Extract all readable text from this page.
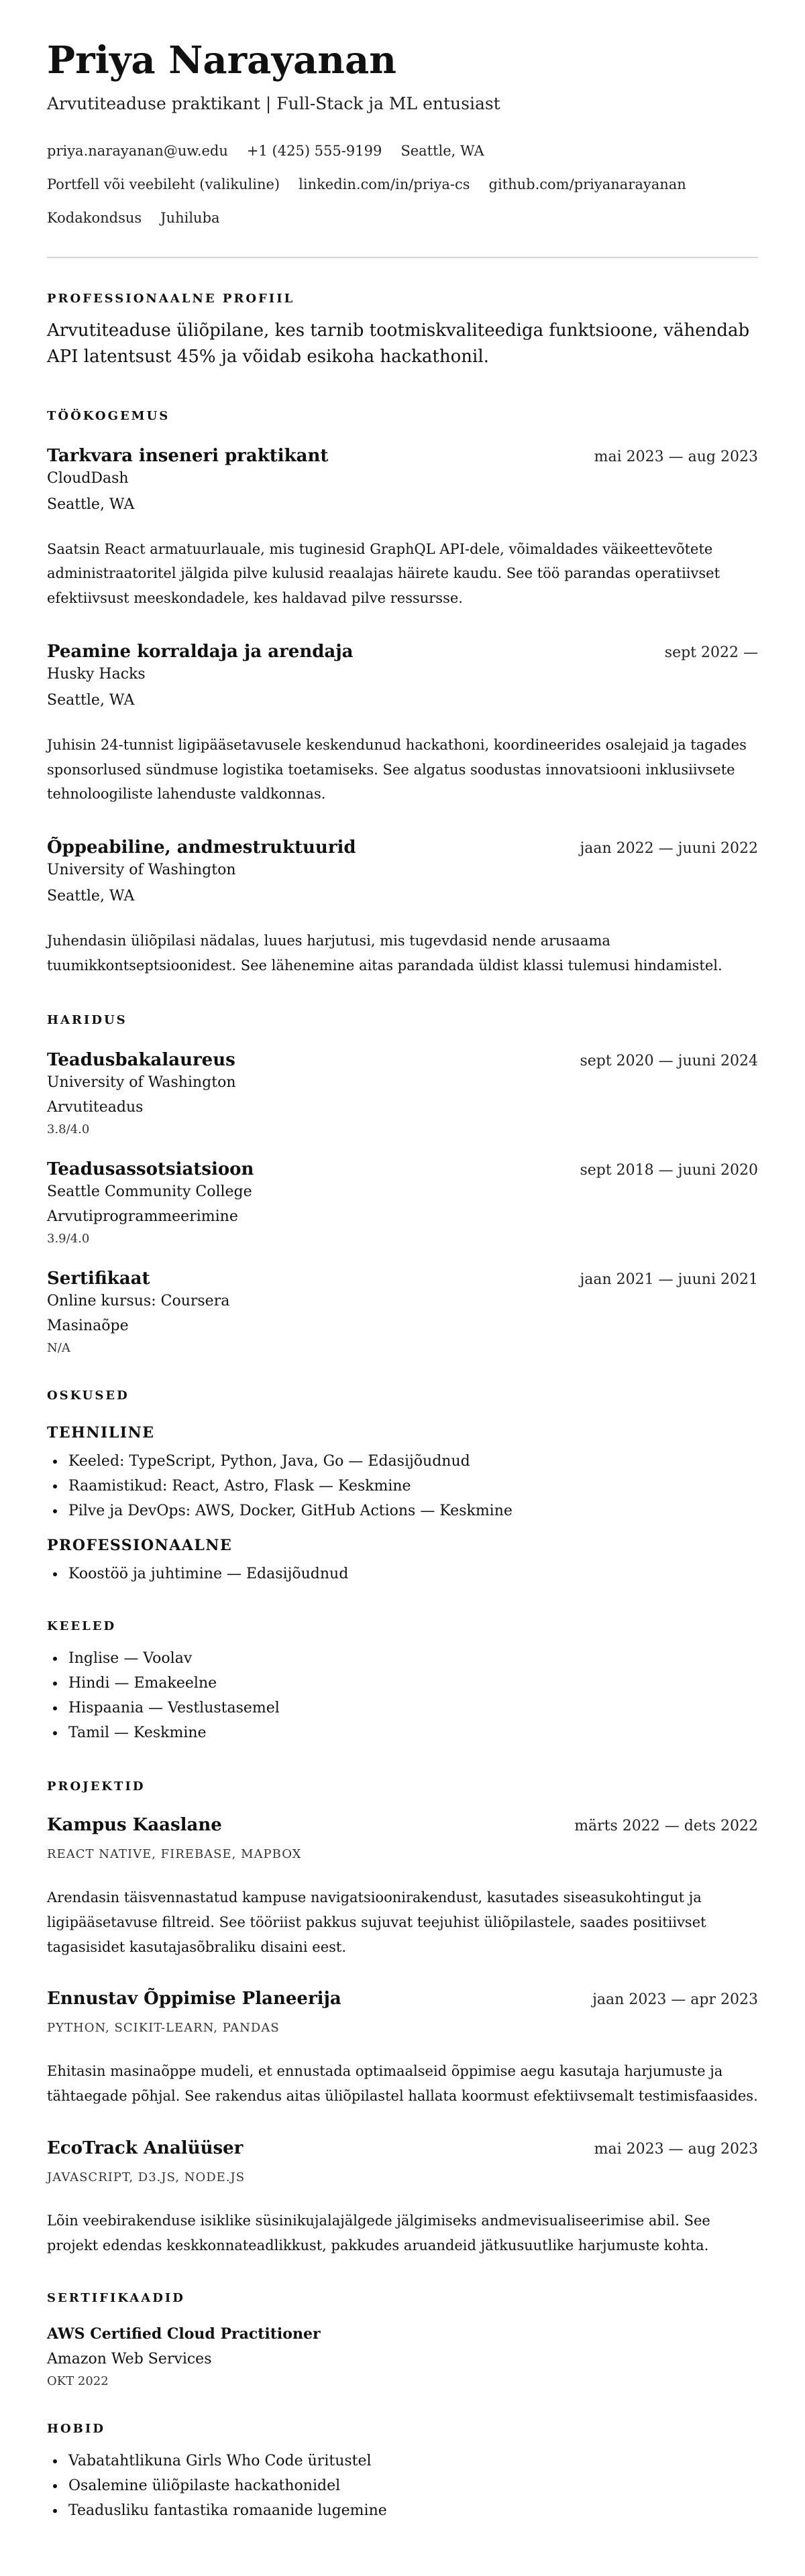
Priya Narayanan
Arvutiteaduse praktikant | Full-Stack ja ML entusiast
priya.narayanan@uw.edu +1 (425) 555-9199 Seattle, WA
Portfell või veebileht (valikuline) linkedin.com/in/priya-cs github.com/priyanarayanan
Kodakondsus Juhiluba
PROFESSIONAALNE PROFIIL
Arvutiteaduse üliõpilane, kes tarnib tootmiskvaliteediga funktsioone, vähendab API latentsust 45% ja võidab esikoha hackathonil.
TÖÖKOGEMUS
Tarkvara inseneri praktikant	mai 2023 — aug 2023
CloudDash
Seattle, WA
Saatsin React armatuurlauale, mis tuginesid GraphQL API-dele, võimaldades väikeettevõtete administraatoritel jälgida pilve kulusid reaalajas häirete kaudu. See töö parandas operatiivset efektiivsust meeskondadele, kes haldavad pilve ressursse.
Peamine korraldaja ja arendaja	sept 2022 —
Husky Hacks
Seattle, WA
Juhisin 24-tunnist ligipääsetavusele keskendunud hackathoni, koordineerides osalejaid ja tagades sponsorlused sündmuse logistika toetamiseks. See algatus soodustas innovatsiooni inklusiivsete tehnoloogiliste lahenduste valdkonnas.
Õppeabiline, andmestruktuurid	jaan 2022 — juuni 2022
University of Washington
Seattle, WA
Juhendasin üliõpilasi nädalas, luues harjutusi, mis tugevdasid nende arusaama tuumikkontseptsioonidest. See lähenemine aitas parandada üldist klassi tulemusi hindamistel.
HARIDUS
Teadusbakalaureus	sept 2020 — juuni 2024
University of Washington
Arvutiteadus
3.8/4.0
Teadusassotsiatsioon	sept 2018 — juuni 2020
Seattle Community College
Arvutiprogrammeerimine
3.9/4.0
Sertifikaat	jaan 2021 — juuni 2021
Online kursus: Coursera
Masinaõpe
N/A
OSKUSED
TEHNILINE
• Keeled: TypeScript, Python, Java, Go — Edasijõudnud
• Raamistikud: React, Astro, Flask — Keskmine
• Pilve ja DevOps: AWS, Docker, GitHub Actions — Keskmine
PROFESSIONAALNE
• Koostöö ja juhtimine — Edasijõudnud
KEELED
• Inglise — Voolav
• Hindi — Emakeelne
• Hispaania — Vestlustasemel
• Tamil — Keskmine
PROJEKTID
Kampus Kaaslane	märts 2022 — dets 2022
REACT NATIVE, FIREBASE, MAPBOX
Arendasin täisvennastatud kampuse navigatsioonirakendust, kasutades siseasukohtingut ja ligipääsetavuse filtreid. See tööriist pakkus sujuvat teejuhist üliõpilastele, saades positiivset tagasisidet kasutajasõbraliku disaini eest.
Ennustav Õppimise Planeerija	jaan 2023 — apr 2023
PYTHON, SCIKIT-LEARN, PANDAS
Ehitasin masinaõppe mudeli, et ennustada optimaalseid õppimise aegu kasutaja harjumuste ja tähtaegade põhjal. See rakendus aitas üliõpilastel hallata koormust efektiivsemalt testimisfaasides.
EcoTrack Analüüser	mai 2023 — aug 2023
JAVASCRIPT, D3.JS, NODE.JS
Lõin veebirakenduse isiklike süsinikujalajälgede jälgimiseks andmevisualiseerimise abil. See projekt edendas keskkonnateadlikkust, pakkudes aruandeid jätkusuutlike harjumuste kohta.
SERTIFIKAADID
AWS Certified Cloud Practitioner
Amazon Web Services
OKT 2022
HOBID
• Vabatahtlikuna Girls Who Code üritustel
• Osalemine üliõpilaste hackathonidel
• Teadusliku fantastika romaanide lugemine
